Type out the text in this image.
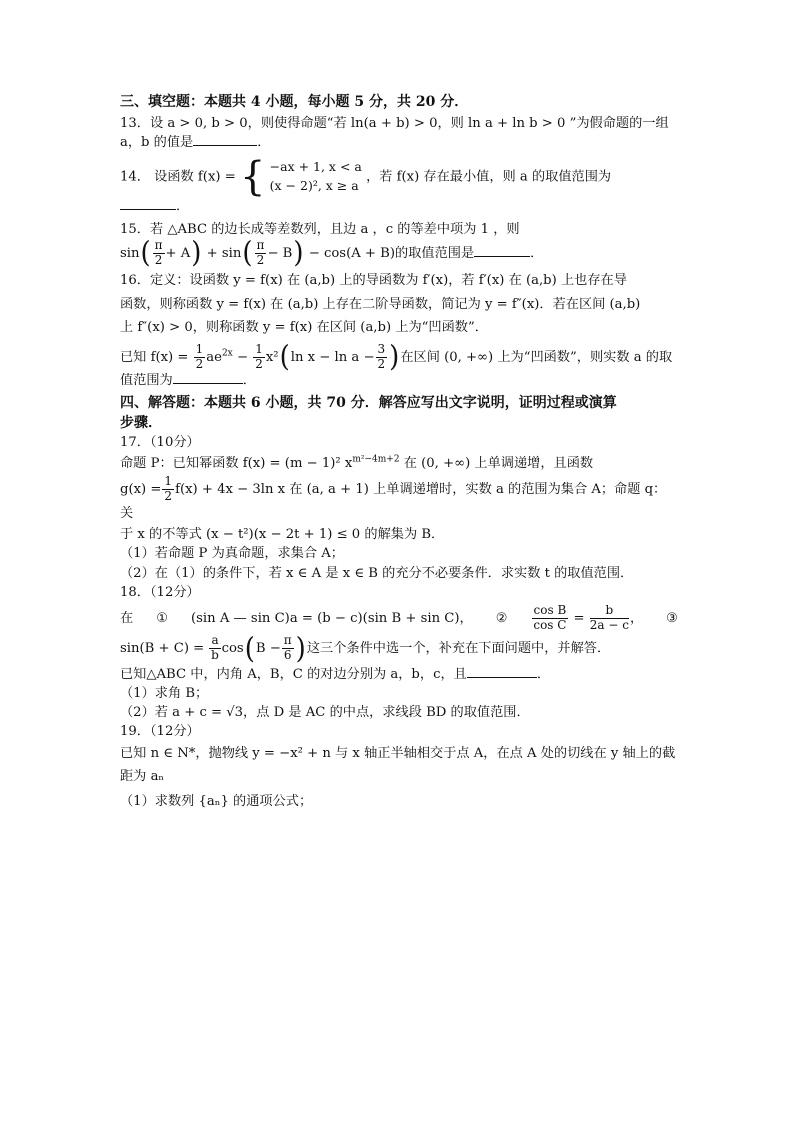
三、填空题：本题共 4 小题，每小题 5 分，共 20 分．

13．设 a > 0, b > 0，则使得命题“若 ln(a + b) > 0，则 ln a + ln b > 0 ”为假命题的一组

a，b 的值是	．

14． 设函数 f(x) = { −ax + 1, x < a
(x − 2)², x ≥ a
，若 f(x) 存在最小值，则 a 的取值范围为

．

15．若 △ABC 的边长成等差数列，且边 a ，c 的等差中项为 1 ，则

$\sin( \frac{\pi}{2} + A) + \sin( \frac{\pi}{2} - B) - \cos(A + B)$的取值范围是	．

16．定义：设函数 y = f(x) 在 (a,b) 上的导函数为 f′(x)，若 f′(x) 在 (a,b) 上也存在导

函数，则称函数 y = f(x) 在 (a,b) 上存在二阶导函数，简记为 y = f″(x)．若在区间 (a,b)

上 f″(x) > 0，则称函数 y = f(x) 在区间 (a,b) 上为“凹函数”．

已知 $f(x) = \frac{1}{2} ae^{2x} - \frac{1}{2} x^2(\ln$ $x - \ln a - \frac{3}{2}$ )在区间 (0, +∞) 上为“凹函数”，则实数 a 的取

值范围为	．

四、解答题：本题共 6 小题，共 70 分．解答应写出文字说明，证明过程或演算

步骤．

17．（10分）

命题 P：已知幂函数 f(x) = (m − 1)² $x^{m^2-4m+2}$ 在 (0, +∞) 上单调递增，且函数

$g(x) = \frac{1}{2} f(x) + 4x - 3\ln$ x 在 (a, a + 1) 上单调递增时，实数 a 的范围为集合 A；命题 q：关

于 x 的不等式 (x − t²)(x − 2t + 1) ≤ 0 的解集为 B．

（1）若命题 P 为真命题，求集合 A；

（2）在（1）的条件下，若 x ∈ A 是 x ∈ B 的充分不必要条件．求实数 t 的取值范围．

18．（12分）

在 ① (sin A — sin C)a = (b − c)(sin B + sin C)， ② $\frac{\text{cos B}}{\text{cos C}} = \frac{b}{2a - c}$ ， ③

$\sin(B + C) = \frac{a}{b} \cos(B - \frac{\pi}{6}$ )这三个条件中选一个，补充在下面问题中，并解答．

已知△ABC 中，内角 A，B，C 的对边分别为 a，b，c，且	．

（1）求角 B；

（2）若 a + c = √3，点 D 是 AC 的中点，求线段 BD 的取值范围．

19．（12分）

已知 n ∈ N*，抛物线 y = −x² + n 与 x 轴正半轴相交于点 A，在点 A 处的切线在 y 轴上的截

距为 aₙ

（1）求数列 {aₙ} 的通项公式；
